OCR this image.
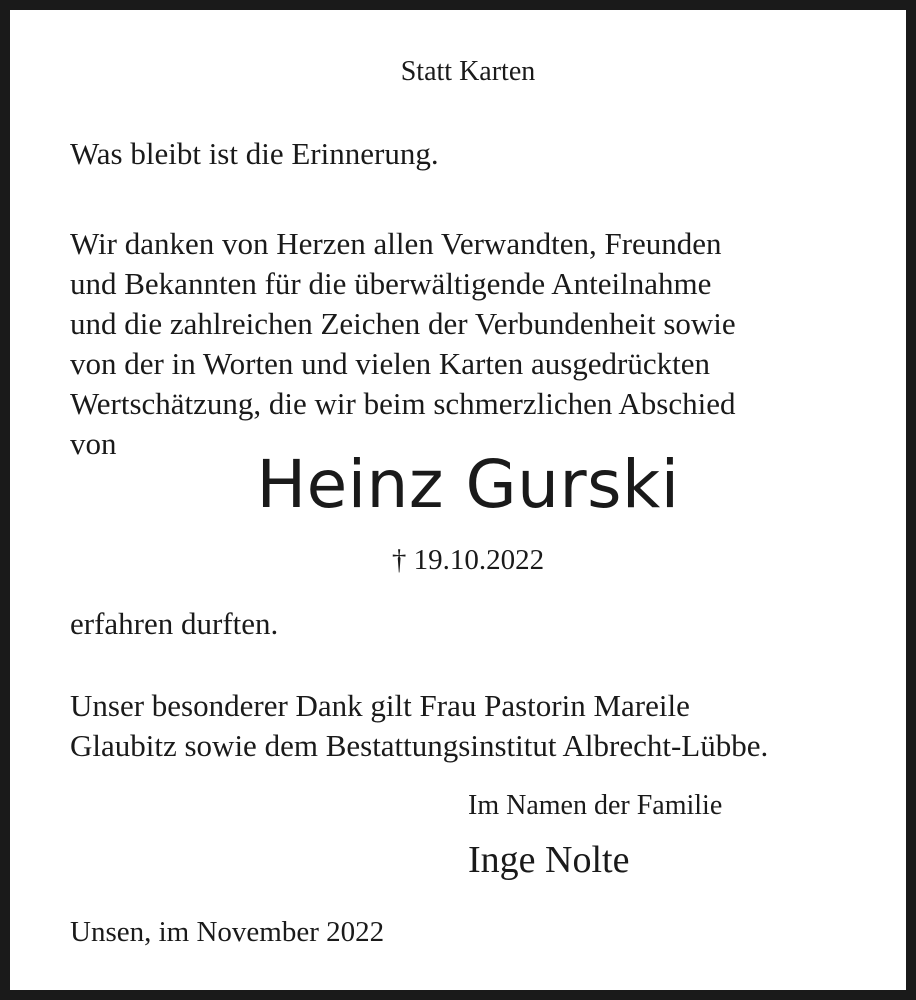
Statt Karten

Was bleibt ist die Erinnerung.

Wir danken von Herzen allen Verwandten, Freunden
und Bekannten für die überwältigende Anteilnahme
und die zahlreichen Zeichen der Verbundenheit sowie
von der in Worten und vielen Karten ausgedrückten
Wertschätzung, die wir beim schmerzlichen Abschied
von

Heinz Gurski

† 19.10.2022

erfahren durften.

Unser besonderer Dank gilt Frau Pastorin Mareile
Glaubitz sowie dem Bestattungsinstitut Albrecht-Lübbe.

Im Namen der Familie

Inge Nolte

Unsen, im November 2022
